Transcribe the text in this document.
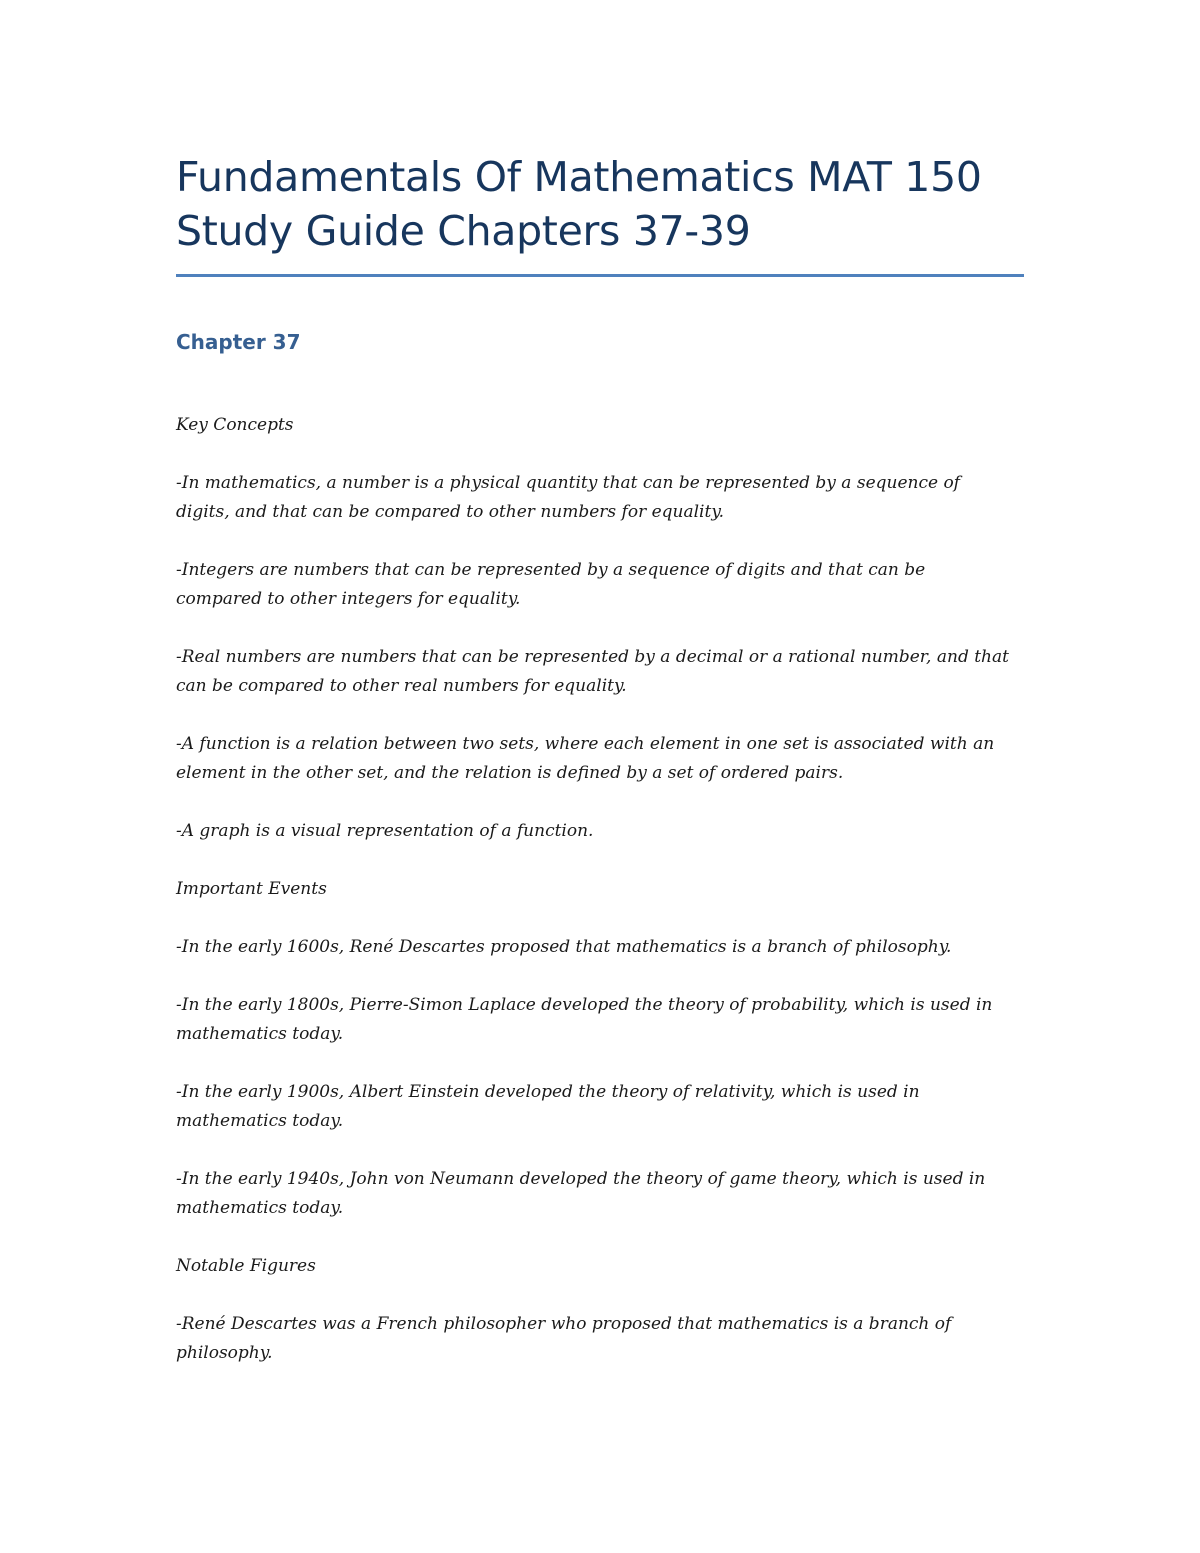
Fundamentals Of Mathematics MAT 150 Study Guide Chapters 37-39
Chapter 37

Key Concepts

-In mathematics, a number is a physical quantity that can be represented by a sequence of digits, and that can be compared to other numbers for equality.

-Integers are numbers that can be represented by a sequence of digits and that can be compared to other integers for equality.

-Real numbers are numbers that can be represented by a decimal or a rational number, and that can be compared to other real numbers for equality.

-A function is a relation between two sets, where each element in one set is associated with an element in the other set, and the relation is defined by a set of ordered pairs.

-A graph is a visual representation of a function.

Important Events

-In the early 1600s, René Descartes proposed that mathematics is a branch of philosophy.

-In the early 1800s, Pierre-Simon Laplace developed the theory of probability, which is used in mathematics today.

-In the early 1900s, Albert Einstein developed the theory of relativity, which is used in mathematics today.

-In the early 1940s, John von Neumann developed the theory of game theory, which is used in mathematics today.

Notable Figures

-René Descartes was a French philosopher who proposed that mathematics is a branch of philosophy.
